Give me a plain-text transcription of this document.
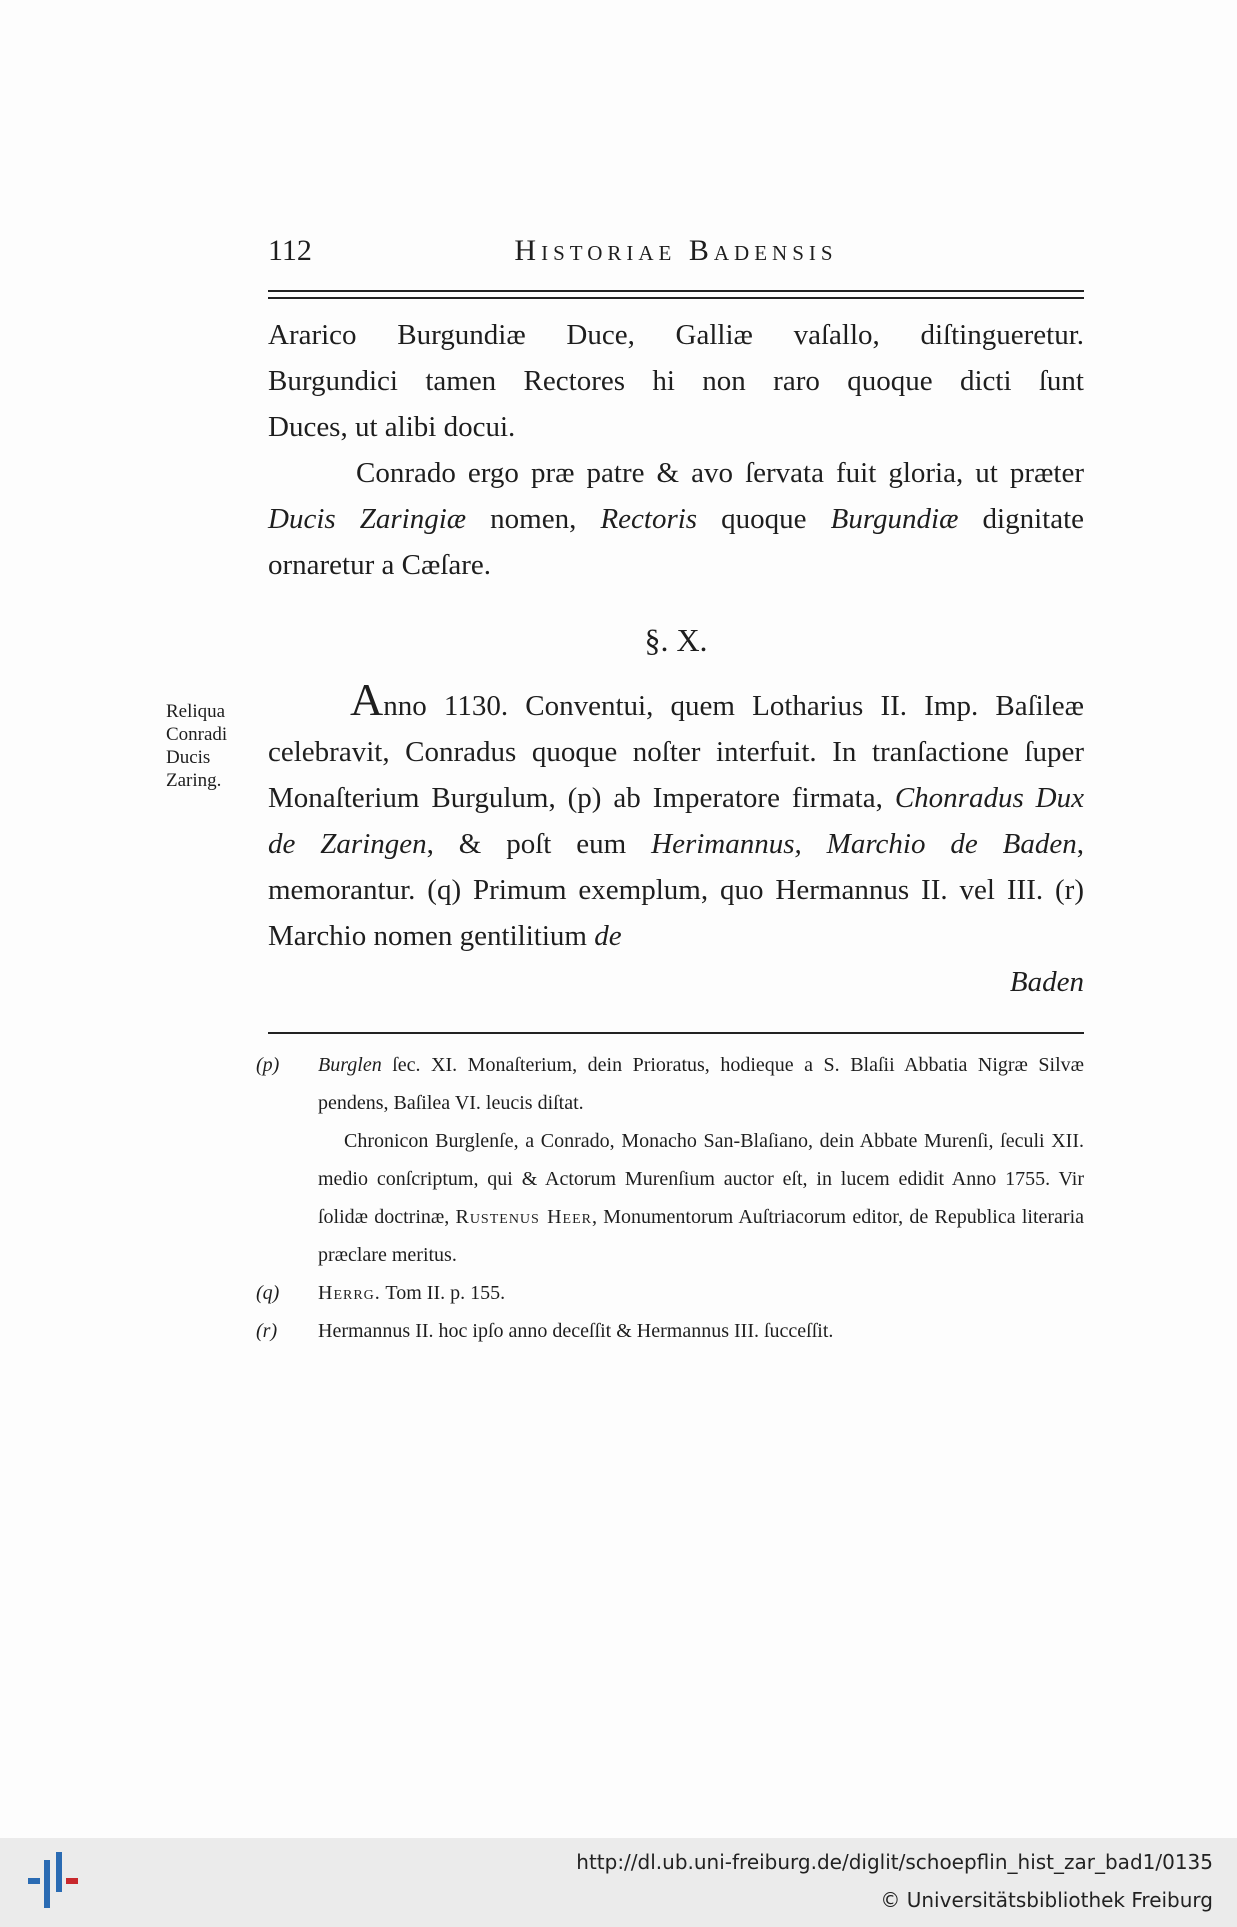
112	Historiae Badensis

Ararico Burgundiæ Duce, Galliæ vaſallo, diſtingueretur.

Burgundici tamen Rectores hi non raro quoque dicti ſunt

Duces, ut alibi docui.

Conrado ergo præ patre & avo ſervata fuit gloria, ut præter Ducis Zaringiæ nomen, Rectoris quoque Burgundiæ dignitate ornaretur a Cæſare.

§. X.
Reliqua
Conradi
Ducis
Zaring.

Anno 1130. Conventui, quem Lotharius II. Imp. Baſileæ celebravit, Conradus quoque noſter interfuit. In tranſactione ſuper Monaſterium Burgulum, (p) ab Imperatore firmata, Chonradus Dux de Zaringen, & poſt eum Herimannus, Marchio de Baden, memorantur. (q) Primum exemplum, quo Hermannus II. vel III. (r) Marchio nomen gentilitium de

Baden

(p)	Burglen ſec. XI. Monaſterium, dein Prioratus, hodieque a S. Blaſii Abbatia Nigræ Silvæ pendens, Baſilea VI. leucis diſtat.
Chronicon Burglenſe, a Conrado, Monacho San-Blaſiano, dein Abbate Murenſi, ſeculi XII. medio conſcriptum, qui & Actorum Murenſium auctor eſt, in lucem edidit Anno 1755. Vir ſolidæ doctrinæ, Rustenus Heer, Monumentorum Auſtriacorum editor, de Republica literaria præclare meritus.
(q)	Herrg. Tom II. p. 155.
(r)	Hermannus II. hoc ipſo anno deceſſit & Hermannus III. ſucceſſit.
http://dl.ub.uni-freiburg.de/diglit/schoepflin_hist_zar_bad1/0135
© Universitätsbibliothek Freiburg
